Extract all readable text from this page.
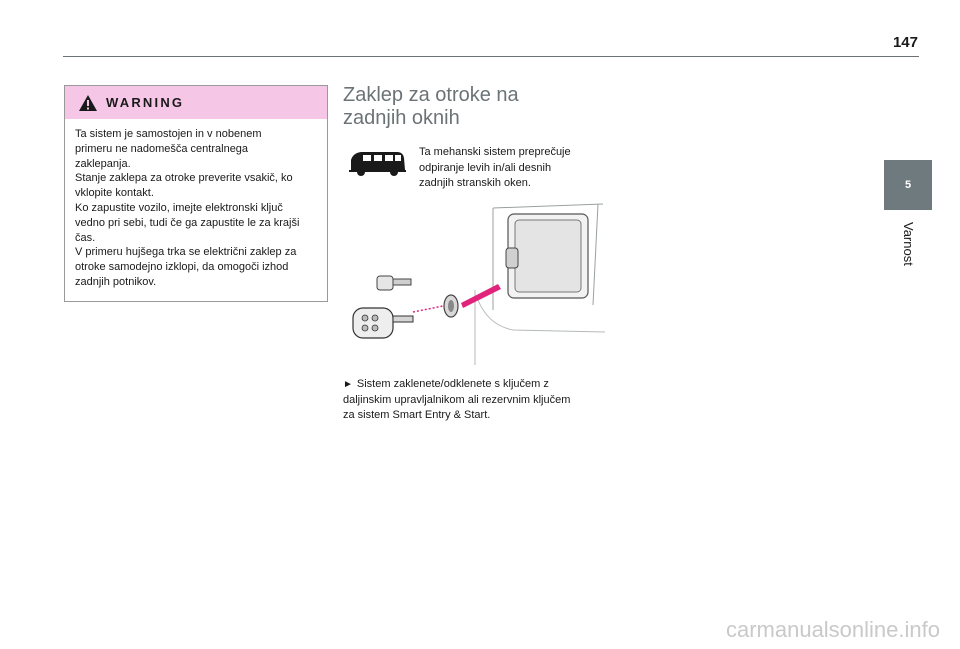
147
5
Varnost
WARNING

Ta sistem je samostojen in v nobenem

primeru ne nadomešča centralnega

zaklepanja.

Stanje zaklepa za otroke preverite vsakič, ko

vklopite kontakt.

Ko zapustite vozilo, imejte elektronski ključ

vedno pri sebi, tudi če ga zapustite le za krajši

čas.

V primeru hujšega trka se električni zaklep za

otroke samodejno izklopi, da omogoči izhod

zadnjih potnikov.

Zaklep za otroke na
zadnjih oknih

Ta mehanski sistem preprečuje
odpiranje levih in/ali desnih
zadnjih stranskih oken.

► Sistem zaklenete/odklenete s ključem z
daljinskim upravljalnikom ali rezervnim ključem
za sistem Smart Entry & Start.

carmanualsonline.info
